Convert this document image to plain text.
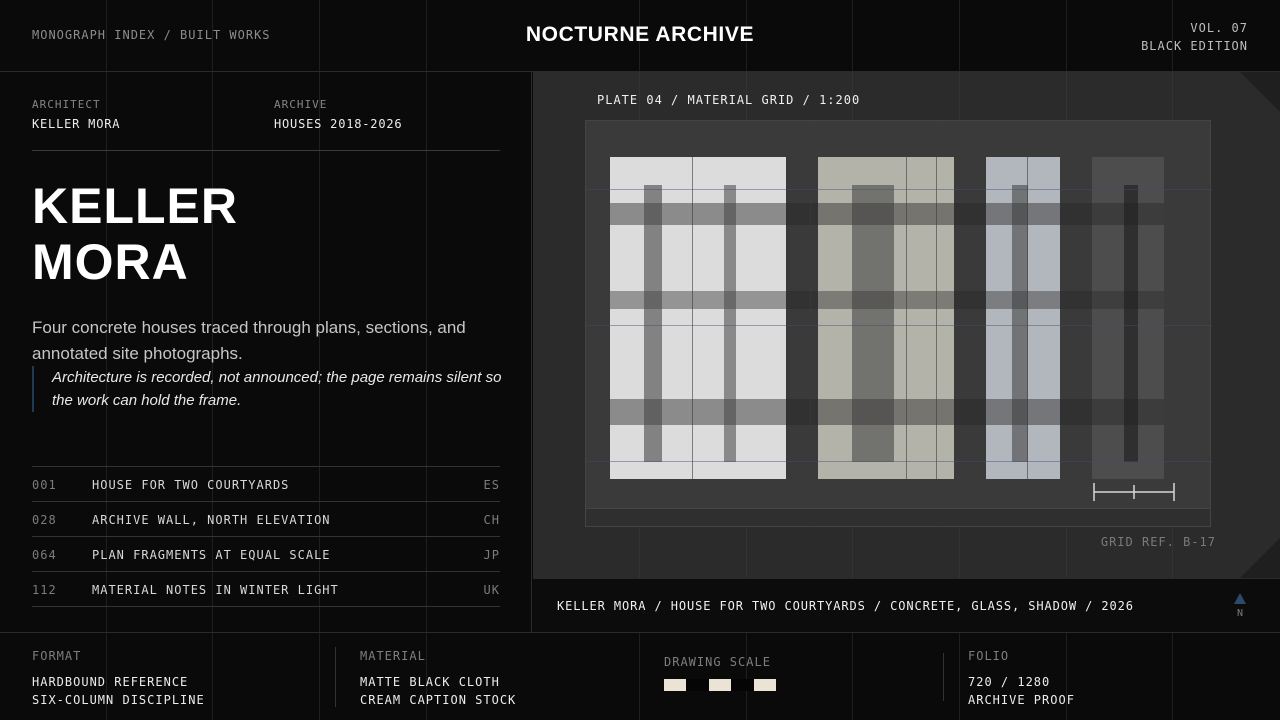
MONOGRAPH INDEX / BUILT WORKS	NOCTURNE ARCHIVE	VOL. 07
BLACK EDITION
ARCHITECT
KELLER MORA
ARCHIVE
HOUSES 2018-2026
KELLER
MORA

Four concrete houses traced through plans, sections, and annotated site photographs.

Architecture is recorded, not announced; the page remains silent so the work can hold the frame.
001	HOUSE FOR TWO COURTYARDS	ES
028	ARCHIVE WALL, NORTH ELEVATION	CH
064	PLAN FRAGMENTS AT EQUAL SCALE	JP
112	MATERIAL NOTES IN WINTER LIGHT	UK
PLATE 04 / MATERIAL GRID / 1:200
GRID REF. B-17
KELLER MORA / HOUSE FOR TWO COURTYARDS / CONCRETE, GLASS, SHADOW / 2026
N
FORMAT
HARDBOUND REFERENCE
SIX-COLUMN DISCIPLINE
MATERIAL
MATTE BLACK CLOTH
CREAM CAPTION STOCK
DRAWING SCALE	FOLIO
720 / 1280
ARCHIVE PROOF
